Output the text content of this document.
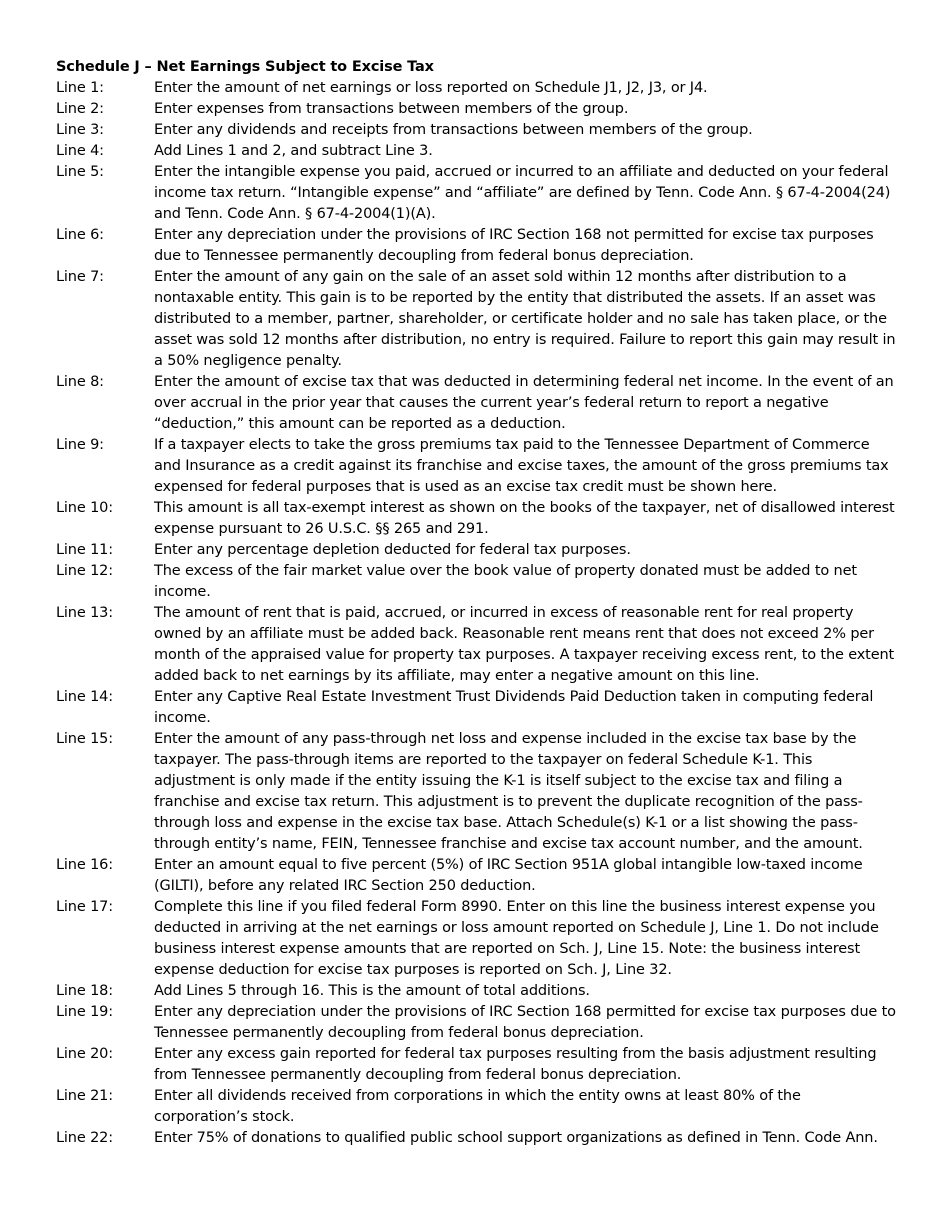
Schedule J – Net Earnings Subject to Excise Tax
Line 1:	Enter the amount of net earnings or loss reported on Schedule J1, J2, J3, or J4.
Line 2:	Enter expenses from transactions between members of the group.
Line 3:	Enter any dividends and receipts from transactions between members of the group.
Line 4:	Add Lines 1 and 2, and subtract Line 3.
Line 5:	Enter the intangible expense you paid, accrued or incurred to an affiliate and deducted on your federal income tax return. “Intangible expense” and “affiliate” are defined by Tenn. Code Ann. § 67-4-2004(24) and Tenn. Code Ann. § 67-4-2004(1)(A).
Line 6:	Enter any depreciation under the provisions of IRC Section 168 not permitted for excise tax purposes due to Tennessee permanently decoupling from federal bonus depreciation.
Line 7:	Enter the amount of any gain on the sale of an asset sold within 12 months after distribution to a nontaxable entity. This gain is to be reported by the entity that distributed the assets. If an asset was distributed to a member, partner, shareholder, or certificate holder and no sale has taken place, or the asset was sold 12 months after distribution, no entry is required. Failure to report this gain may result in a 50% negligence penalty.
Line 8:	Enter the amount of excise tax that was deducted in determining federal net income. In the event of an over accrual in the prior year that causes the current year’s federal return to report a negative “deduction,” this amount can be reported as a deduction.
Line 9:	If a taxpayer elects to take the gross premiums tax paid to the Tennessee Department of Commerce and Insurance as a credit against its franchise and excise taxes, the amount of the gross premiums tax expensed for federal purposes that is used as an excise tax credit must be shown here.
Line 10:	This amount is all tax-exempt interest as shown on the books of the taxpayer, net of disallowed interest expense pursuant to 26 U.S.C. §§ 265 and 291.
Line 11:	Enter any percentage depletion deducted for federal tax purposes.
Line 12:	The excess of the fair market value over the book value of property donated must be added to net income.
Line 13:	The amount of rent that is paid, accrued, or incurred in excess of reasonable rent for real property owned by an affiliate must be added back. Reasonable rent means rent that does not exceed 2% per month of the appraised value for property tax purposes. A taxpayer receiving excess rent, to the extent added back to net earnings by its affiliate, may enter a negative amount on this line.
Line 14:	Enter any Captive Real Estate Investment Trust Dividends Paid Deduction taken in computing federal income.
Line 15:	Enter the amount of any pass-through net loss and expense included in the excise tax base by the taxpayer. The pass-through items are reported to the taxpayer on federal Schedule K-1. This adjustment is only made if the entity issuing the K-1 is itself subject to the excise tax and filing a franchise and excise tax return. This adjustment is to prevent the duplicate recognition of the pass-through loss and expense in the excise tax base. Attach Schedule(s) K-1 or a list showing the pass-through entity’s name, FEIN, Tennessee franchise and excise tax account number, and the amount.
Line 16:	Enter an amount equal to five percent (5%) of IRC Section 951A global intangible low-taxed income (GILTI), before any related IRC Section 250 deduction.
Line 17:	Complete this line if you filed federal Form 8990. Enter on this line the business interest expense you deducted in arriving at the net earnings or loss amount reported on Schedule J, Line 1. Do not include business interest expense amounts that are reported on Sch. J, Line 15. Note: the business interest expense deduction for excise tax purposes is reported on Sch. J, Line 32.
Line 18:	Add Lines 5 through 16. This is the amount of total additions.
Line 19:	Enter any depreciation under the provisions of IRC Section 168 permitted for excise tax purposes due to Tennessee permanently decoupling from federal bonus depreciation.
Line 20:	Enter any excess gain reported for federal tax purposes resulting from the basis adjustment resulting from Tennessee permanently decoupling from federal bonus depreciation.
Line 21:	Enter all dividends received from corporations in which the entity owns at least 80% of the corporation’s stock.
Line 22:	Enter 75% of donations to qualified public school support organizations as defined in Tenn. Code Ann.
